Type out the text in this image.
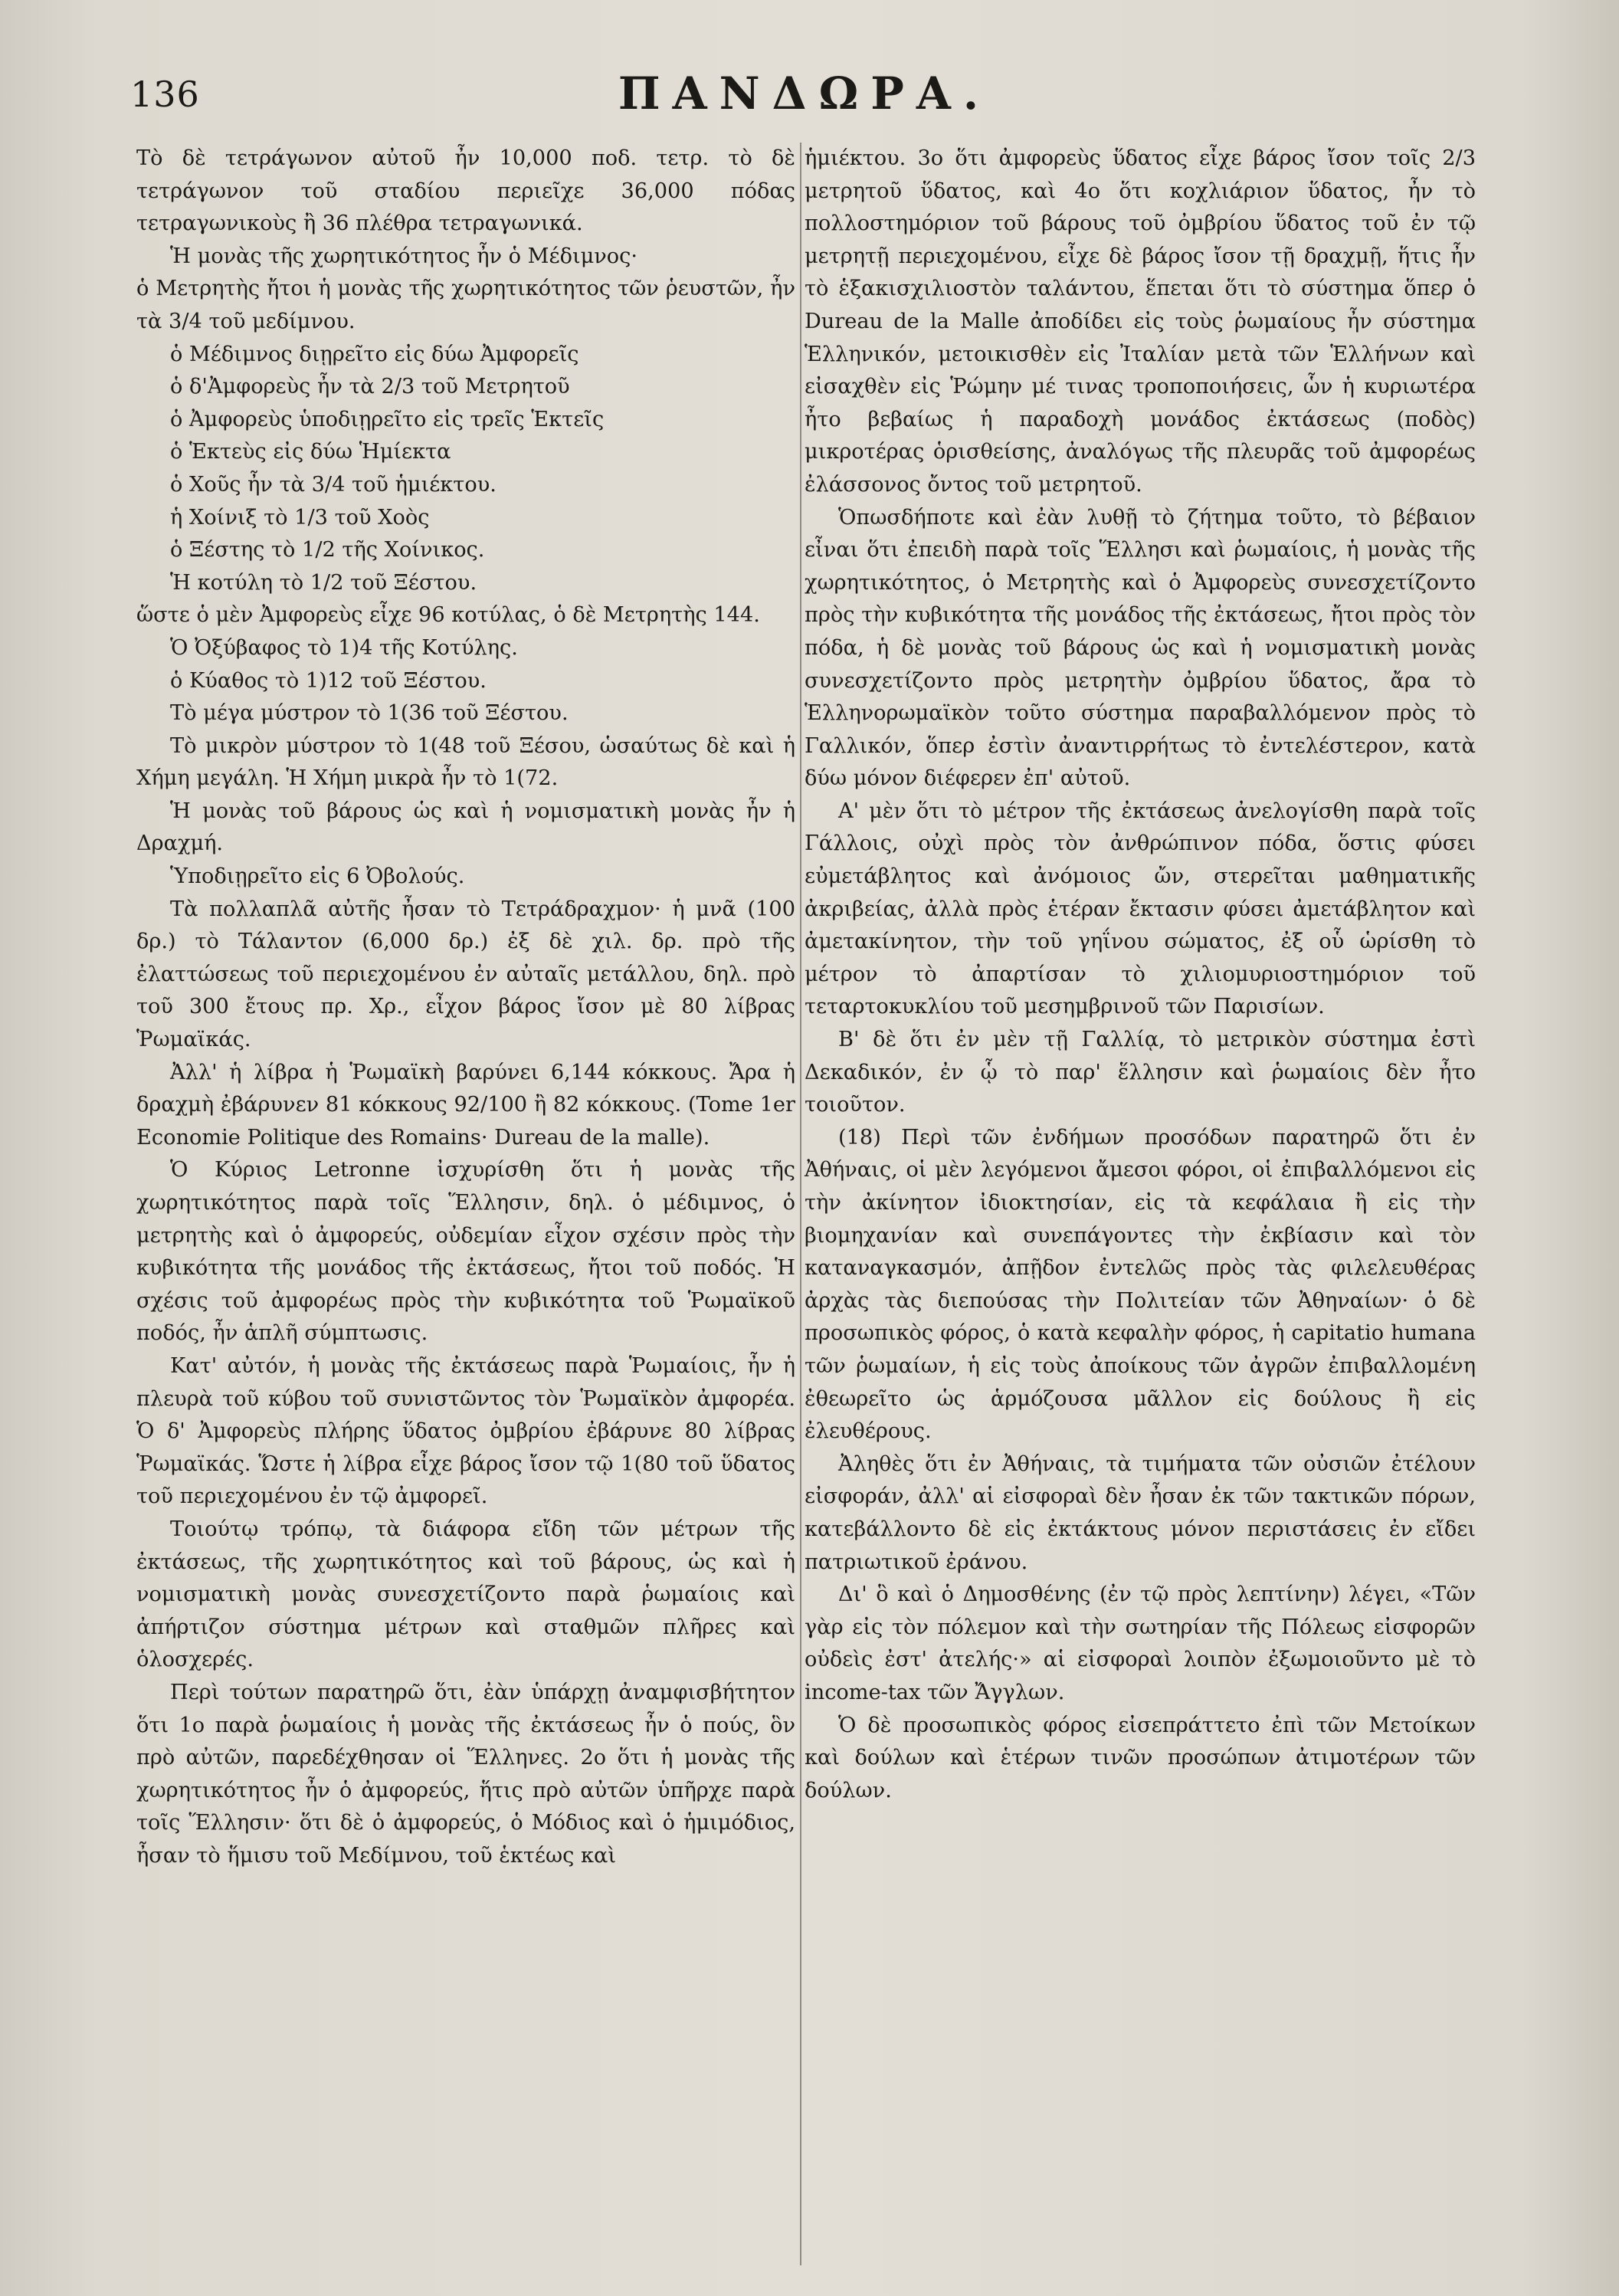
136	ΠΑΝΔΩΡΑ.

Τὸ δὲ τετράγωνον αὐτοῦ ἦν 10,000 ποδ. τετρ. τὸ δὲ τετράγωνον τοῦ σταδίου περιεῖχε 36,000 πόδας τετραγωνικοὺς ἢ 36 πλέθρα τετραγωνικά.

Ἡ μονὰς τῆς χωρητικότητος ἦν ὁ Μέδιμνος·

ὁ Μετρητὴς ἤτοι ἡ μονὰς τῆς χωρητικότητος τῶν ῥευστῶν, ἦν τὰ 3/4 τοῦ μεδίμνου.

ὁ Μέδιμνος διῃρεῖτο εἰς δύω Ἀμφορεῖς

ὁ δ'Ἀμφορεὺς ἦν τὰ 2/3 τοῦ Μετρητοῦ

ὁ Ἀμφορεὺς ὑποδιῃρεῖτο εἰς τρεῖς Ἑκτεῖς

ὁ Ἑκτεὺς εἰς δύω Ἡμίεκτα

ὁ Χοῦς ἦν τὰ 3/4 τοῦ ἡμιέκτου.

ἡ Χοίνιξ τὸ 1/3 τοῦ Χοὸς

ὁ Ξέστης τὸ 1/2 τῆς Χοίνικος.

Ἡ κοτύλη τὸ 1/2 τοῦ Ξέστου.

ὥστε ὁ μὲν Ἀμφορεὺς εἶχε 96 κοτύλας, ὁ δὲ Μετρητὴς 144.

Ὁ Ὀξύβαφος τὸ 1)4 τῆς Κοτύλης.

ὁ Κύαθος τὸ 1)12 τοῦ Ξέστου.

Τὸ μέγα μύστρον τὸ 1(36 τοῦ Ξέστου.

Τὸ μικρὸν μύστρον τὸ 1(48 τοῦ Ξέσου, ὡσαύτως δὲ καὶ ἡ Χήμη μεγάλη. Ἡ Χήμη μικρὰ ἦν τὸ 1(72.

Ἡ μονὰς τοῦ βάρους ὡς καὶ ἡ νομισματικὴ μονὰς ἦν ἡ Δραχμή.

Ὑποδιῃρεῖτο εἰς 6 Ὀβολούς.

Τὰ πολλαπλᾶ αὐτῆς ἦσαν τὸ Τετράδραχμον· ἡ μνᾶ (100 δρ.) τὸ Τάλαντον (6,000 δρ.) ἐξ δὲ χιλ. δρ. πρὸ τῆς ἐλαττώσεως τοῦ περιεχομένου ἐν αὐταῖς μετάλλου, δηλ. πρὸ τοῦ 300 ἔτους πρ. Χρ., εἶχον βάρος ἴσον μὲ 80 λίβρας Ῥωμαϊκάς.

Ἀλλ' ἡ λίβρα ἡ Ῥωμαϊκὴ βαρύνει 6,144 κόκκους. Ἄρα ἡ δραχμὴ ἐβάρυνεν 81 κόκκους 92/100 ἢ 82 κόκκους. (Tome 1er Economie Politique des Romains· Dureau de la malle).

Ὁ Κύριος Letronne ἰσχυρίσθη ὅτι ἡ μονὰς τῆς χωρητικότητος παρὰ τοῖς Ἕλλησιν, δηλ. ὁ μέδιμνος, ὁ μετρητὴς καὶ ὁ ἀμφορεύς, οὐδεμίαν εἶχον σχέσιν πρὸς τὴν κυβικότητα τῆς μονάδος τῆς ἐκτάσεως, ἤτοι τοῦ ποδός. Ἡ σχέσις τοῦ ἀμφορέως πρὸς τὴν κυβικότητα τοῦ Ῥωμαϊκοῦ ποδός, ἦν ἁπλῆ σύμπτωσις.

Κατ' αὐτόν, ἡ μονὰς τῆς ἐκτάσεως παρὰ Ῥωμαίοις, ἦν ἡ πλευρὰ τοῦ κύβου τοῦ συνιστῶντος τὸν Ῥωμαϊκὸν ἀμφορέα. Ὁ δ' Ἀμφορεὺς πλήρης ὕδατος ὀμβρίου ἐβάρυνε 80 λίβρας Ῥωμαϊκάς. Ὥστε ἡ λίβρα εἶχε βάρος ἴσον τῷ 1(80 τοῦ ὕδατος τοῦ περιεχομένου ἐν τῷ ἀμφορεῖ.

Τοιούτῳ τρόπῳ, τὰ διάφορα εἴδη τῶν μέτρων τῆς ἐκτάσεως, τῆς χωρητικότητος καὶ τοῦ βάρους, ὡς καὶ ἡ νομισματικὴ μονὰς συνεσχετίζοντο παρὰ ῥωμαίοις καὶ ἀπήρτιζον σύστημα μέτρων καὶ σταθμῶν πλῆρες καὶ ὁλοσχερές.

Περὶ τούτων παρατηρῶ ὅτι, ἐὰν ὑπάρχῃ ἀναμφισβήτητον ὅτι 1ο παρὰ ῥωμαίοις ἡ μονὰς τῆς ἐκτάσεως ἦν ὁ πούς, ὃν πρὸ αὐτῶν, παρεδέχθησαν οἱ Ἕλληνες. 2ο ὅτι ἡ μονὰς τῆς χωρητικότητος ἦν ὁ ἀμφορεύς, ἥτις πρὸ αὐτῶν ὑπῆρχε παρὰ τοῖς Ἕλλησιν· ὅτι δὲ ὁ ἀμφορεύς, ὁ Μόδιος καὶ ὁ ἡμιμόδιος, ἦσαν τὸ ἥμισυ τοῦ Μεδίμνου, τοῦ ἑκτέως καὶ

ἡμιέκτου. 3ο ὅτι ἀμφορεὺς ὕδατος εἶχε βάρος ἴσον τοῖς 2/3 μετρητοῦ ὕδατος, καὶ 4ο ὅτι κοχλιάριον ὕδατος, ἦν τὸ πολλοστημόριον τοῦ βάρους τοῦ ὀμβρίου ὕδατος τοῦ ἐν τῷ μετρητῇ περιεχομένου, εἶχε δὲ βάρος ἴσον τῇ δραχμῇ, ἥτις ἦν τὸ ἑξακισχιλιοστὸν ταλάντου, ἕπεται ὅτι τὸ σύστημα ὅπερ ὁ Dureau de la Malle ἀποδίδει εἰς τοὺς ῥωμαίους ἦν σύστημα Ἑλληνικόν, μετοικισθὲν εἰς Ἰταλίαν μετὰ τῶν Ἑλλήνων καὶ εἰσαχθὲν εἰς Ῥώμην μέ τινας τροποποιήσεις, ὧν ἡ κυριωτέρα ἦτο βεβαίως ἡ παραδοχὴ μονάδος ἐκτάσεως (ποδὸς) μικροτέρας ὁρισθείσης, ἀναλόγως τῆς πλευρᾶς τοῦ ἀμφορέως ἐλάσσονος ὄντος τοῦ μετρητοῦ.

Ὁπωσδήποτε καὶ ἐὰν λυθῇ τὸ ζήτημα τοῦτο, τὸ βέβαιον εἶναι ὅτι ἐπειδὴ παρὰ τοῖς Ἕλλησι καὶ ῥωμαίοις, ἡ μονὰς τῆς χωρητικότητος, ὁ Μετρητὴς καὶ ὁ Ἀμφορεὺς συνεσχετίζοντο πρὸς τὴν κυβικότητα τῆς μονάδος τῆς ἐκτάσεως, ἤτοι πρὸς τὸν πόδα, ἡ δὲ μονὰς τοῦ βάρους ὡς καὶ ἡ νομισματικὴ μονὰς συνεσχετίζοντο πρὸς μετρητὴν ὀμβρίου ὕδατος, ἄρα τὸ Ἑλληνορωμαϊκὸν τοῦτο σύστημα παραβαλλόμενον πρὸς τὸ Γαλλικόν, ὅπερ ἐστὶν ἀναντιρρήτως τὸ ἐντελέστερον, κατὰ δύω μόνον διέφερεν ἐπ' αὐτοῦ.

Α' μὲν ὅτι τὸ μέτρον τῆς ἐκτάσεως ἀνελογίσθη παρὰ τοῖς Γάλλοις, οὐχὶ πρὸς τὸν ἀνθρώπινον πόδα, ὅστις φύσει εὐμετάβλητος καὶ ἀνόμοιος ὤν, στερεῖται μαθηματικῆς ἀκριβείας, ἀλλὰ πρὸς ἑτέραν ἔκτασιν φύσει ἀμετάβλητον καὶ ἀμετακίνητον, τὴν τοῦ γηΐνου σώματος, ἐξ οὗ ὡρίσθη τὸ μέτρον τὸ ἀπαρτίσαν τὸ χιλιομυριοστημόριον τοῦ τεταρτοκυκλίου τοῦ μεσημβρινοῦ τῶν Παρισίων.

Β' δὲ ὅτι ἐν μὲν τῇ Γαλλίᾳ, τὸ μετρικὸν σύστημα ἐστὶ Δεκαδικόν, ἐν ᾧ τὸ παρ' ἕλλησιν καὶ ῥωμαίοις δὲν ἦτο τοιοῦτον.

(18) Περὶ τῶν ἐνδήμων προσόδων παρατηρῶ ὅτι ἐν Ἀθήναις, οἱ μὲν λεγόμενοι ἄμεσοι φόροι, οἱ ἐπιβαλλόμενοι εἰς τὴν ἀκίνητον ἰδιοκτησίαν, εἰς τὰ κεφάλαια ἢ εἰς τὴν βιομηχανίαν καὶ συνεπάγοντες τὴν ἐκβίασιν καὶ τὸν καταναγκασμόν, ἀπῇδον ἐντελῶς πρὸς τὰς φιλελευθέρας ἀρχὰς τὰς διεπούσας τὴν Πολιτείαν τῶν Ἀθηναίων· ὁ δὲ προσωπικὸς φόρος, ὁ κατὰ κεφαλὴν φόρος, ἡ capitatio humana τῶν ῥωμαίων, ἡ εἰς τοὺς ἀποίκους τῶν ἀγρῶν ἐπιβαλλομένη ἐθεωρεῖτο ὡς ἁρμόζουσα μᾶλλον εἰς δούλους ἢ εἰς ἐλευθέρους.

Ἀληθὲς ὅτι ἐν Ἀθήναις, τὰ τιμήματα τῶν οὐσιῶν ἐτέλουν εἰσφοράν, ἀλλ' αἱ εἰσφοραὶ δὲν ἦσαν ἐκ τῶν τακτικῶν πόρων, κατεβάλλοντο δὲ εἰς ἐκτάκτους μόνον περιστάσεις ἐν εἴδει πατριωτικοῦ ἐράνου.

Δι' ὃ καὶ ὁ Δημοσθένης (ἐν τῷ πρὸς λεπτίνην) λέγει, «Τῶν γὰρ εἰς τὸν πόλεμον καὶ τὴν σωτηρίαν τῆς Πόλεως εἰσφορῶν οὐδεὶς ἐστ' ἀτελής·» αἱ εἰσφοραὶ λοιπὸν ἐξωμοιοῦντο μὲ τὸ income-tax τῶν Ἄγγλων.

Ὁ δὲ προσωπικὸς φόρος εἰσεπράττετο ἐπὶ τῶν Μετοίκων καὶ δούλων καὶ ἑτέρων τινῶν προσώπων ἀτιμοτέρων τῶν δούλων.
